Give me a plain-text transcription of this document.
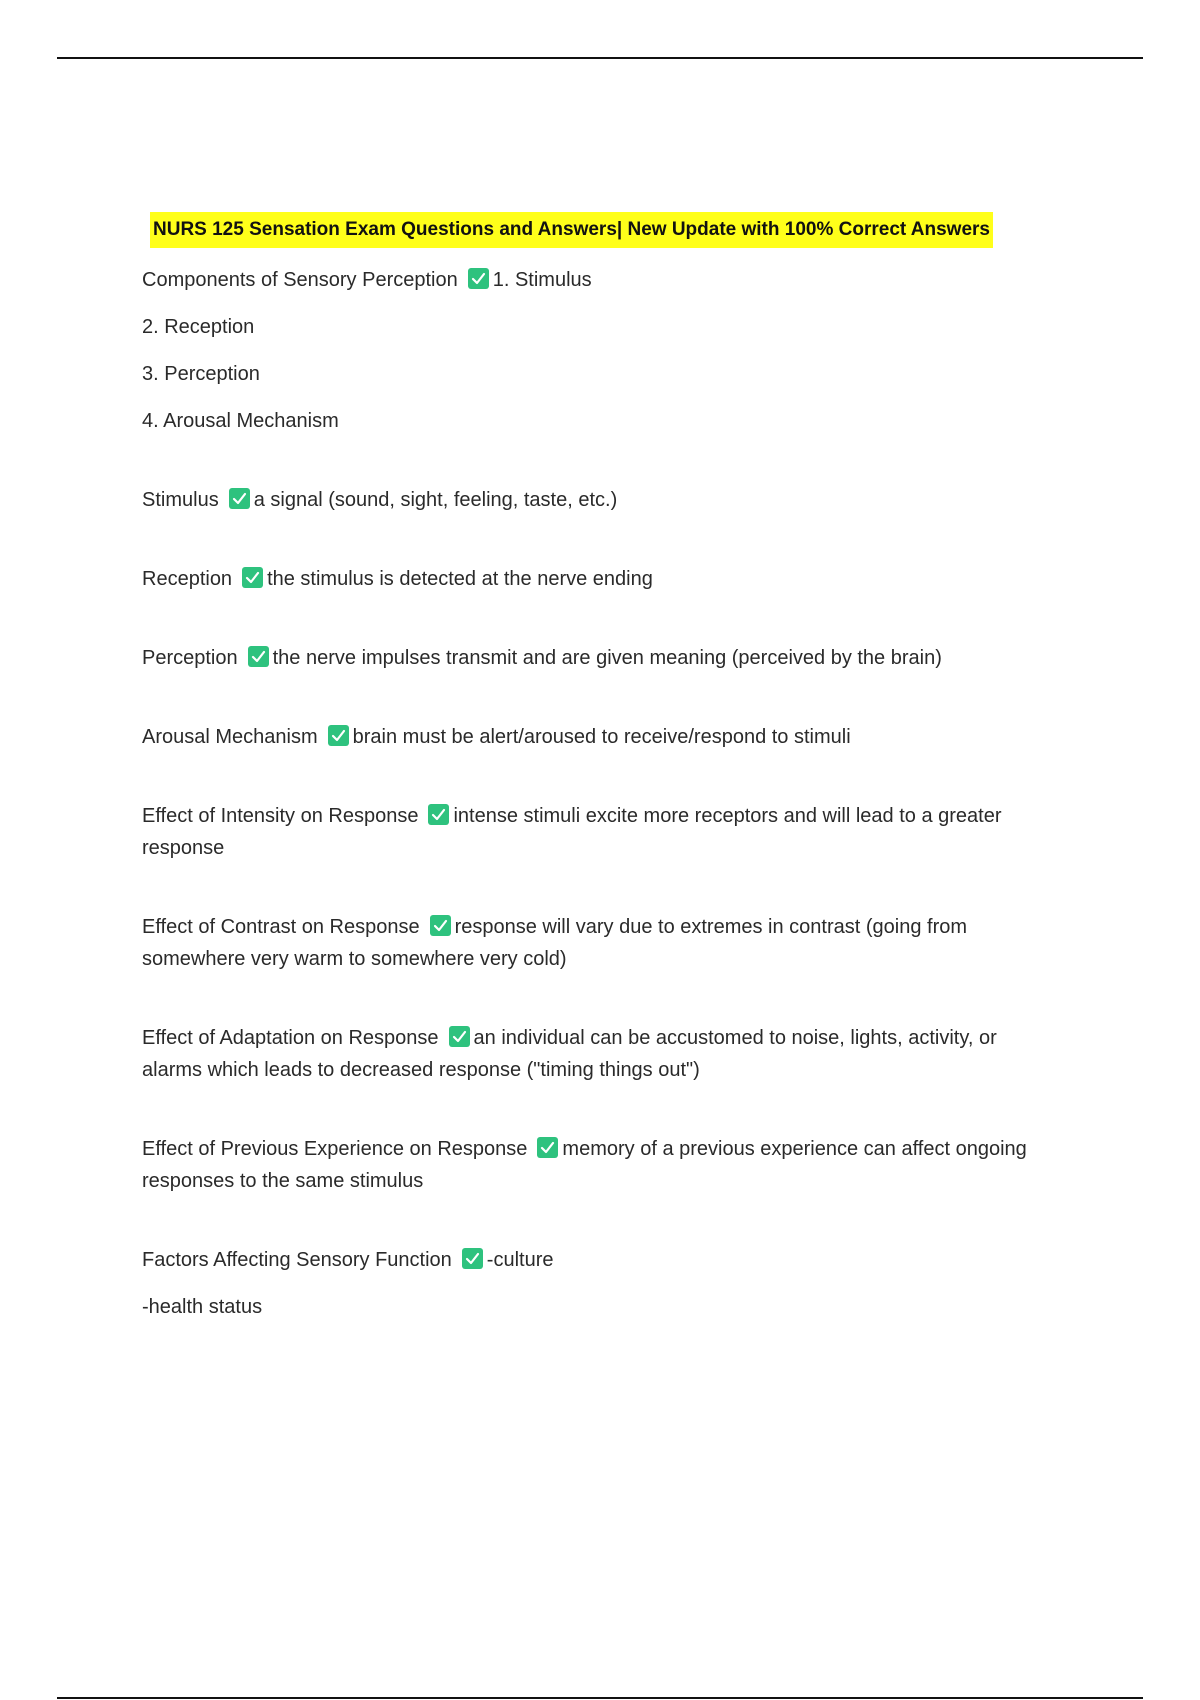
NURS 125 Sensation Exam Questions and Answers| New Update with 100% Correct Answers
Components of Sensory Perception 1. Stimulus
2. Reception
3. Perception
4. Arousal Mechanism
Stimulus a signal (sound, sight, feeling, taste, etc.)
Reception the stimulus is detected at the nerve ending
Perception the nerve impulses transmit and are given meaning (perceived by the brain)
Arousal Mechanism brain must be alert/aroused to receive/respond to stimuli
Effect of Intensity on Response intense stimuli excite more receptors and will lead to a greater response
Effect of Contrast on Response response will vary due to extremes in contrast (going from somewhere very warm to somewhere very cold)
Effect of Adaptation on Response an individual can be accustomed to noise, lights, activity, or alarms which leads to decreased response ("timing things out")
Effect of Previous Experience on Response memory of a previous experience can affect ongoing responses to the same stimulus
Factors Affecting Sensory Function -culture
-health status
